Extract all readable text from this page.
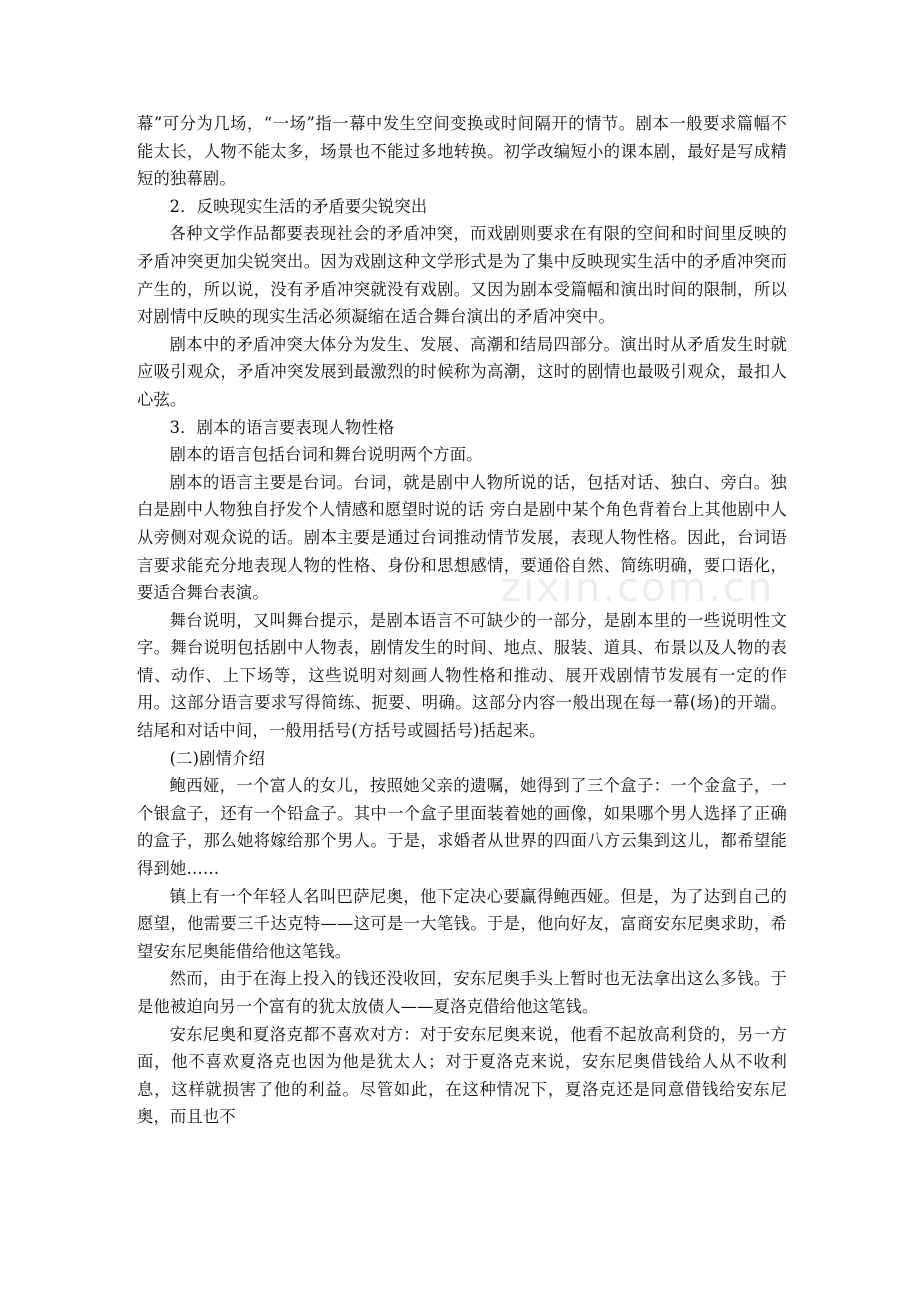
幕”可分为几场，“一场”指一幕中发生空间变换或时间隔开的情节。剧本一般要求篇幅不能太长，人物不能太多，场景也不能过多地转换。初学改编短小的课本剧，最好是写成精短的独幕剧。

2．反映现实生活的矛盾要尖锐突出

各种文学作品都要表现社会的矛盾冲突，而戏剧则要求在有限的空间和时间里反映的矛盾冲突更加尖锐突出。因为戏剧这种文学形式是为了集中反映现实生活中的矛盾冲突而产生的，所以说，没有矛盾冲突就没有戏剧。又因为剧本受篇幅和演出时间的限制，所以对剧情中反映的现实生活必须凝缩在适合舞台演出的矛盾冲突中。

剧本中的矛盾冲突大体分为发生、发展、高潮和结局四部分。演出时从矛盾发生时就应吸引观众，矛盾冲突发展到最激烈的时候称为高潮，这时的剧情也最吸引观众，最扣人心弦。

3．剧本的语言要表现人物性格

剧本的语言包括台词和舞台说明两个方面。

剧本的语言主要是台词。台词，就是剧中人物所说的话，包括对话、独白、旁白。独白是剧中人物独自抒发个人情感和愿望时说的话 旁白是剧中某个角色背着台上其他剧中人从旁侧对观众说的话。剧本主要是通过台词推动情节发展，表现人物性格。因此，台词语言要求能充分地表现人物的性格、身份和思想感情，要通俗自然、简练明确，要口语化，要适合舞台表演。

舞台说明，又叫舞台提示，是剧本语言不可缺少的一部分，是剧本里的一些说明性文字。舞台说明包括剧中人物表，剧情发生的时间、地点、服装、道具、布景以及人物的表情、动作、上下场等，这些说明对刻画人物性格和推动、展开戏剧情节发展有一定的作用。这部分语言要求写得简练、扼要、明确。这部分内容一般出现在每一幕(场)的开端。结尾和对话中间，一般用括号(方括号或圆括号)括起来。

(二)剧情介绍

鲍西娅，一个富人的女儿，按照她父亲的遗嘱，她得到了三个盒子：一个金盒子，一个银盒子，还有一个铅盒子。其中一个盒子里面装着她的画像，如果哪个男人选择了正确的盒子，那么她将嫁给那个男人。于是，求婚者从世界的四面八方云集到这儿，都希望能得到她……

镇上有一个年轻人名叫巴萨尼奥，他下定决心要赢得鲍西娅。但是，为了达到自己的愿望，他需要三千达克特——这可是一大笔钱。于是，他向好友，富商安东尼奥求助，希望安东尼奥能借给他这笔钱。

然而，由于在海上投入的钱还没收回，安东尼奥手头上暂时也无法拿出这么多钱。于是他被迫向另一个富有的犹太放债人——夏洛克借给他这笔钱。

安东尼奥和夏洛克都不喜欢对方：对于安东尼奥来说，他看不起放高利贷的，另一方面，他不喜欢夏洛克也因为他是犹太人；对于夏洛克来说，安东尼奥借钱给人从不收利息，这样就损害了他的利益。尽管如此，在这种情况下，夏洛克还是同意借钱给安东尼奥，而且也不

zixin.com.cn
